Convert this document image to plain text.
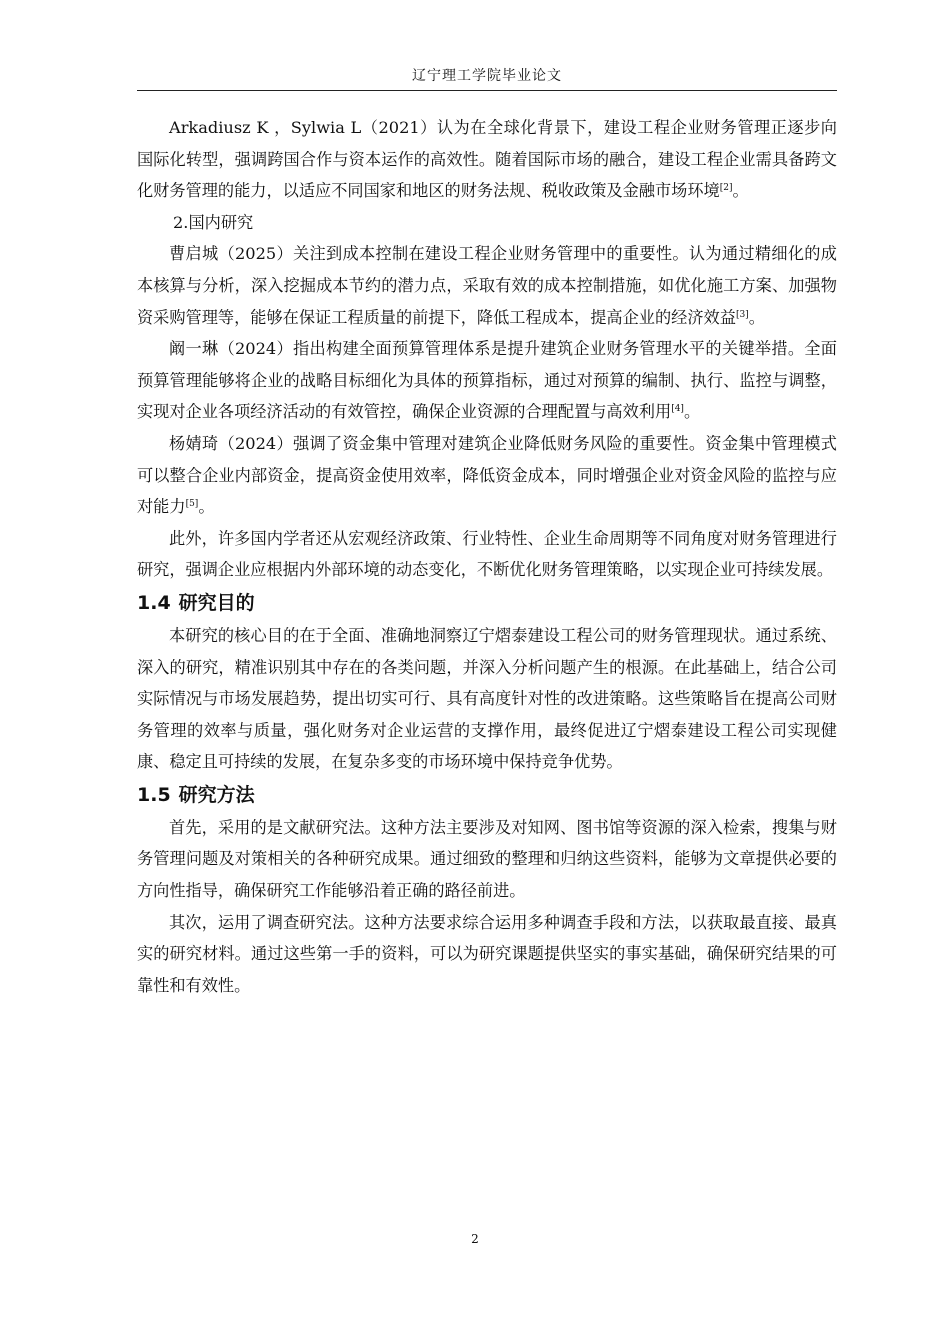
辽宁理工学院毕业论文

Arkadiusz K ，Sylwia L（2021）认为在全球化背景下，建设工程企业财务管理正逐步向国际化转型，强调跨国合作与资本运作的高效性。随着国际市场的融合，建设工程企业需具备跨文化财务管理的能力，以适应不同国家和地区的财务法规、税收政策及金融市场环境[2]。

2.国内研究

曹启城（2025）关注到成本控制在建设工程企业财务管理中的重要性。认为通过精细化的成本核算与分析，深入挖掘成本节约的潜力点，采取有效的成本控制措施，如优化施工方案、加强物资采购管理等，能够在保证工程质量的前提下，降低工程成本，提高企业的经济效益[3]。

阚一琳（2024）指出构建全面预算管理体系是提升建筑企业财务管理水平的关键举措。全面预算管理能够将企业的战略目标细化为具体的预算指标，通过对预算的编制、执行、监控与调整，实现对企业各项经济活动的有效管控，确保企业资源的合理配置与高效利用[4]。

杨婧琦（2024）强调了资金集中管理对建筑企业降低财务风险的重要性。资金集中管理模式可以整合企业内部资金，提高资金使用效率，降低资金成本，同时增强企业对资金风险的监控与应对能力[5]。

此外，许多国内学者还从宏观经济政策、行业特性、企业生命周期等不同角度对财务管理进行研究，强调企业应根据内外部环境的动态变化，不断优化财务管理策略，以实现企业可持续发展。

1.4 研究目的

本研究的核心目的在于全面、准确地洞察辽宁熠泰建设工程公司的财务管理现状。通过系统、深入的研究，精准识别其中存在的各类问题，并深入分析问题产生的根源。在此基础上，结合公司实际情况与市场发展趋势，提出切实可行、具有高度针对性的改进策略。这些策略旨在提高公司财务管理的效率与质量，强化财务对企业运营的支撑作用，最终促进辽宁熠泰建设工程公司实现健康、稳定且可持续的发展，在复杂多变的市场环境中保持竞争优势。

1.5 研究方法

首先，采用的是文献研究法。这种方法主要涉及对知网、图书馆等资源的深入检索，搜集与财务管理问题及对策相关的各种研究成果。通过细致的整理和归纳这些资料，能够为文章提供必要的方向性指导，确保研究工作能够沿着正确的路径前进。

其次，运用了调查研究法。这种方法要求综合运用多种调查手段和方法，以获取最直接、最真实的研究材料。通过这些第一手的资料，可以为研究课题提供坚实的事实基础，确保研究结果的可靠性和有效性。

2
